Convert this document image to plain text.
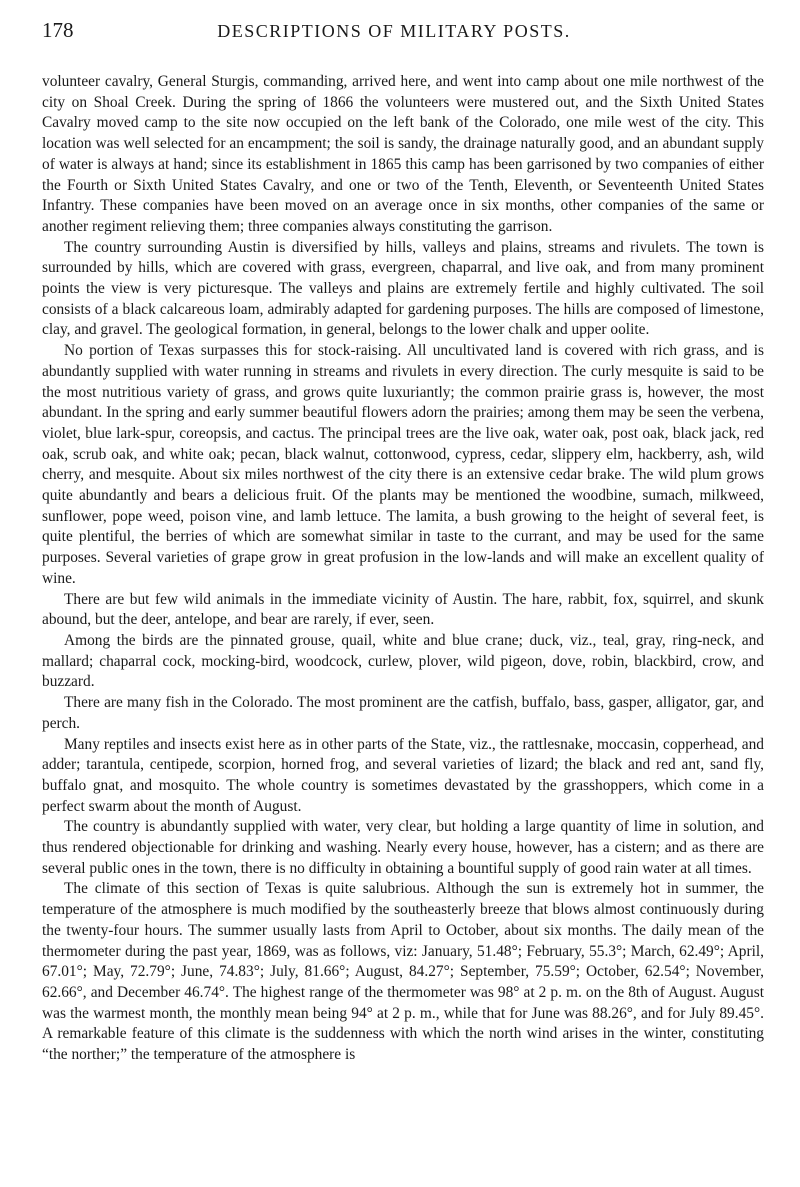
178	DESCRIPTIONS OF MILITARY POSTS.

volunteer cavalry, General Sturgis, commanding, arrived here, and went into camp about one mile northwest of the city on Shoal Creek. During the spring of 1866 the volunteers were mustered out, and the Sixth United States Cavalry moved camp to the site now occupied on the left bank of the Colorado, one mile west of the city. This location was well selected for an encampment; the soil is sandy, the drainage naturally good, and an abundant supply of water is always at hand; since its establishment in 1865 this camp has been garrisoned by two companies of either the Fourth or Sixth United States Cavalry, and one or two of the Tenth, Eleventh, or Seventeenth United States Infantry. These companies have been moved on an average once in six months, other companies of the same or another regiment relieving them; three companies always constituting the garrison.

The country surrounding Austin is diversified by hills, valleys and plains, streams and rivulets. The town is surrounded by hills, which are covered with grass, evergreen, chaparral, and live oak, and from many prominent points the view is very picturesque. The valleys and plains are extremely fertile and highly cultivated. The soil consists of a black calcareous loam, admirably adapted for gardening purposes. The hills are composed of limestone, clay, and gravel. The geological formation, in general, belongs to the lower chalk and upper oolite.

No portion of Texas surpasses this for stock-raising. All uncultivated land is covered with rich grass, and is abundantly supplied with water running in streams and rivulets in every direction. The curly mesquite is said to be the most nutritious variety of grass, and grows quite luxuriantly; the common prairie grass is, however, the most abundant. In the spring and early summer beautiful flowers adorn the prairies; among them may be seen the verbena, violet, blue lark-spur, coreopsis, and cactus. The principal trees are the live oak, water oak, post oak, black jack, red oak, scrub oak, and white oak; pecan, black walnut, cottonwood, cypress, cedar, slippery elm, hackberry, ash, wild cherry, and mesquite. About six miles northwest of the city there is an extensive cedar brake. The wild plum grows quite abundantly and bears a delicious fruit. Of the plants may be mentioned the woodbine, sumach, milkweed, sunflower, pope weed, poison vine, and lamb lettuce. The lamita, a bush growing to the height of several feet, is quite plentiful, the berries of which are somewhat similar in taste to the currant, and may be used for the same purposes. Several varieties of grape grow in great profusion in the low-lands and will make an excellent quality of wine.

There are but few wild animals in the immediate vicinity of Austin. The hare, rabbit, fox, squirrel, and skunk abound, but the deer, antelope, and bear are rarely, if ever, seen.

Among the birds are the pinnated grouse, quail, white and blue crane; duck, viz., teal, gray, ring-neck, and mallard; chaparral cock, mocking-bird, woodcock, curlew, plover, wild pigeon, dove, robin, blackbird, crow, and buzzard.

There are many fish in the Colorado. The most prominent are the catfish, buffalo, bass, gasper, alligator, gar, and perch.

Many reptiles and insects exist here as in other parts of the State, viz., the rattlesnake, moccasin, copperhead, and adder; tarantula, centipede, scorpion, horned frog, and several varieties of lizard; the black and red ant, sand fly, buffalo gnat, and mosquito. The whole country is sometimes devastated by the grasshoppers, which come in a perfect swarm about the month of August.

The country is abundantly supplied with water, very clear, but holding a large quantity of lime in solution, and thus rendered objectionable for drinking and washing. Nearly every house, however, has a cistern; and as there are several public ones in the town, there is no difficulty in obtaining a bountiful supply of good rain water at all times.

The climate of this section of Texas is quite salubrious. Although the sun is extremely hot in summer, the temperature of the atmosphere is much modified by the southeasterly breeze that blows almost continuously during the twenty-four hours. The summer usually lasts from April to October, about six months. The daily mean of the thermometer during the past year, 1869, was as follows, viz: January, 51.48°; February, 55.3°; March, 62.49°; April, 67.01°; May, 72.79°; June, 74.83°; July, 81.66°; August, 84.27°; September, 75.59°; October, 62.54°; November, 62.66°, and December 46.74°. The highest range of the thermometer was 98° at 2 p. m. on the 8th of August. August was the warmest month, the monthly mean being 94° at 2 p. m., while that for June was 88.26°, and for July 89.45°. A remarkable feature of this climate is the suddenness with which the north wind arises in the winter, constituting “the norther;” the temperature of the atmosphere is
